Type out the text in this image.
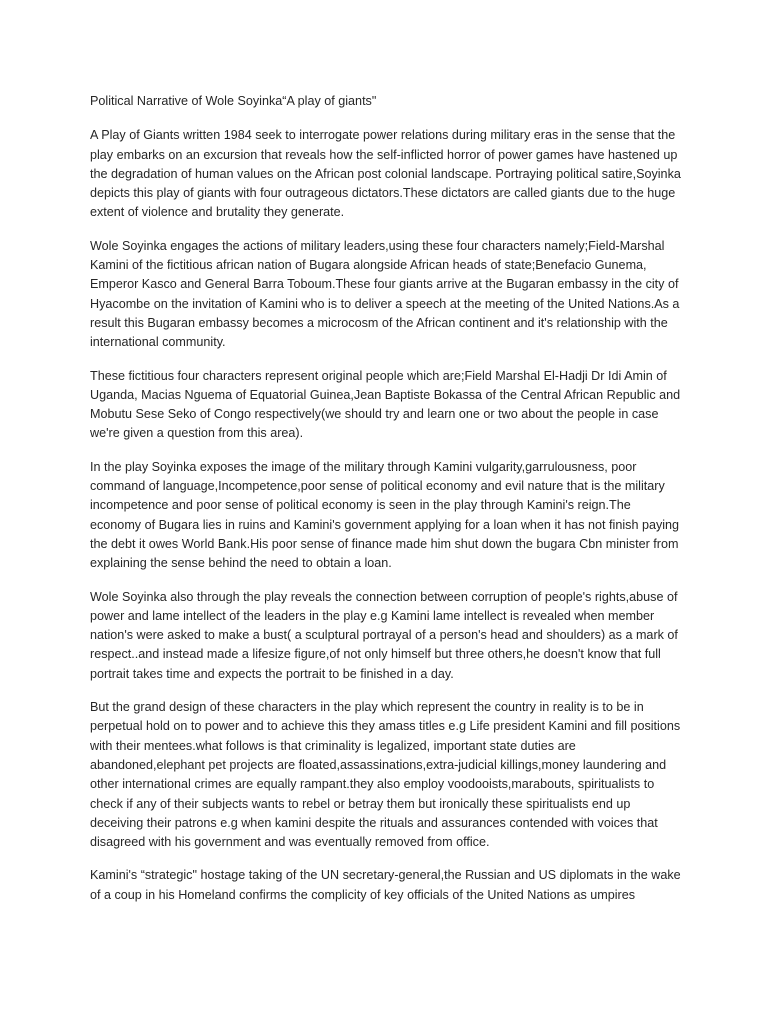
Political Narrative of Wole Soyinka“A play of giants"

A Play of Giants written 1984 seek to interrogate power relations during military eras in the sense that the play embarks on an excursion that reveals how the self-inflicted horror of power games have hastened up the degradation of human values on the African post colonial landscape. Portraying political satire,Soyinka depicts this play of giants with four outrageous dictators.These dictators are called giants due to the huge extent of violence and brutality they generate.

Wole Soyinka engages the actions of military leaders,using these four characters namely;Field-Marshal Kamini of the fictitious african nation of Bugara alongside African heads of state;Benefacio Gunema, Emperor Kasco and General Barra Toboum.These four giants arrive at the Bugaran embassy in the city of Hyacombe on the invitation of Kamini who is to deliver a speech at the meeting of the United Nations.As a result this Bugaran embassy becomes a microcosm of the African continent and it's relationship with the international community.

These fictitious four characters represent original people which are;Field Marshal El-Hadji Dr Idi Amin of Uganda, Macias Nguema of Equatorial Guinea,Jean Baptiste Bokassa of the Central African Republic and Mobutu Sese Seko of Congo respectively(we should try and learn one or two about the people in case we're given a question from this area).

In the play Soyinka exposes the image of the military through Kamini vulgarity,garrulousness, poor command of language,Incompetence,poor sense of political economy and evil nature that is the military incompetence and poor sense of political economy is seen in the play through Kamini's reign.The economy of Bugara lies in ruins and Kamini's government applying for a loan when it has not finish paying the debt it owes World Bank.His poor sense of finance made him shut down the bugara Cbn minister from explaining the sense behind the need to obtain a loan.

Wole Soyinka also through the play reveals the connection between corruption of people's rights,abuse of power and lame intellect of the leaders in the play e.g Kamini lame intellect is revealed when member nation's were asked to make a bust( a sculptural portrayal of a person's head and shoulders) as a mark of respect..and instead made a lifesize figure,of not only himself but three others,he doesn't know that full portrait takes time and expects the portrait to be finished in a day.

But the grand design of these characters in the play which represent the country in reality is to be in perpetual hold on to power and to achieve this they amass titles e.g Life president Kamini and fill positions with their mentees.what follows is that criminality is legalized, important state duties are abandoned,elephant pet projects are floated,assassinations,extra-judicial killings,money laundering and other international crimes are equally rampant.they also employ voodooists,marabouts, spiritualists to check if any of their subjects wants to rebel or betray them but ironically these spiritualists end up deceiving their patrons e.g when kamini despite the rituals and assurances contended with voices that disagreed with his government and was eventually removed from office.

Kamini's “strategic" hostage taking of the UN secretary-general,the Russian and US diplomats in the wake of a coup in his Homeland confirms the complicity of key officials of the United Nations as umpires
